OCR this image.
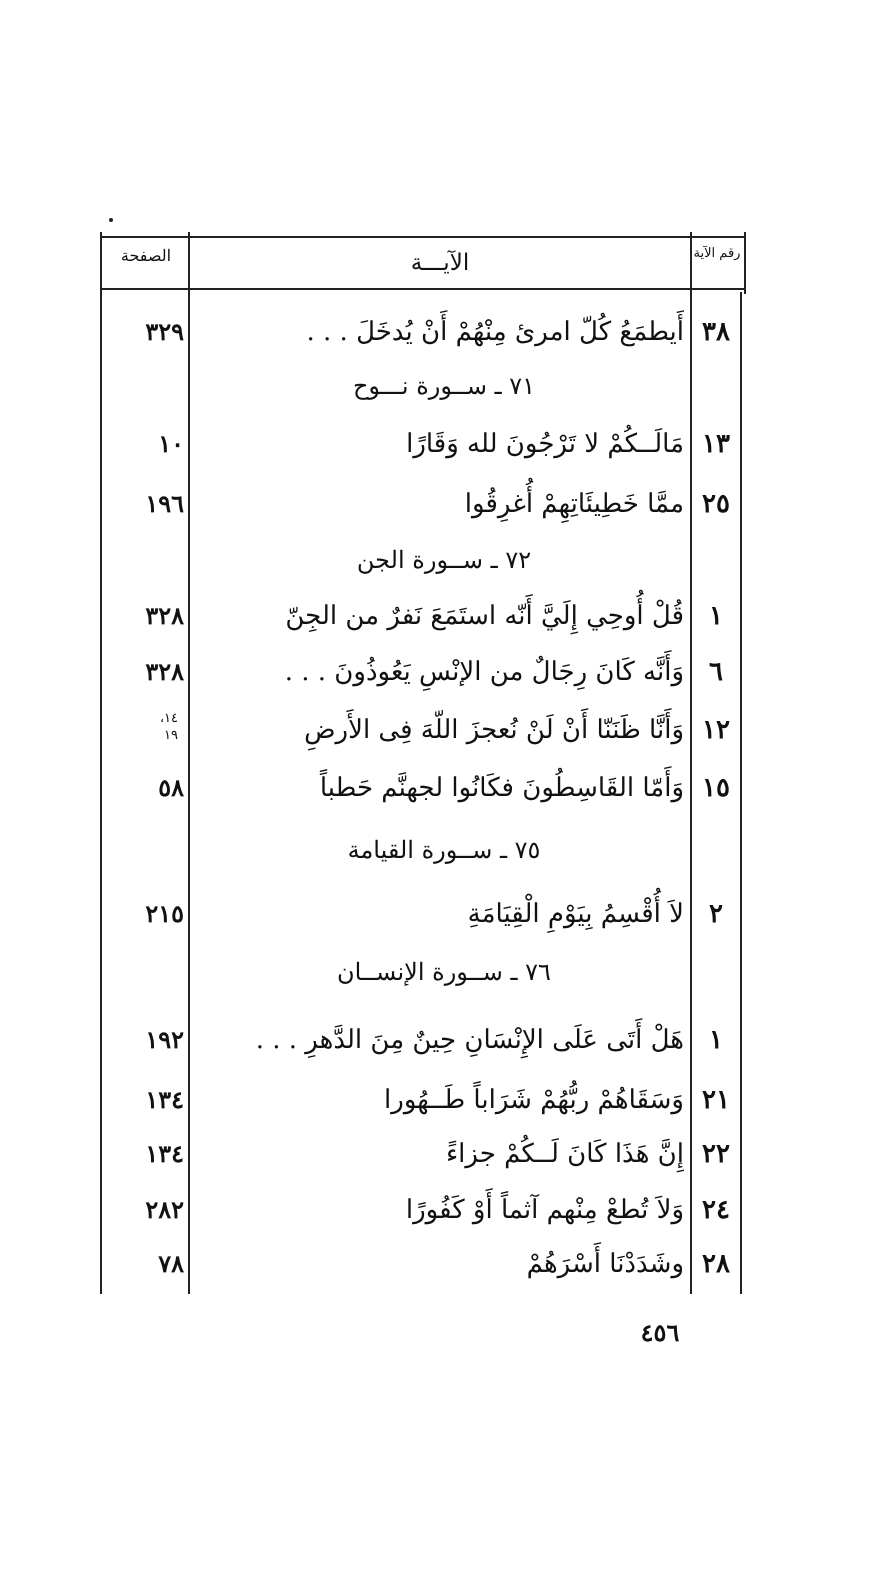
الصفحة	الآيـــة	رقم الآية
٣٨
أَيطمَعُ كُلّ امرئ مِنْهُمْ أَنْ يُدخَلَ . . .
٣٢٩
٧١ ـ ســورة نـــوح
١٣
مَالَــكُمْ لا تَرْجُونَ لله وَقَارًا
١٠
٢٥
ممَّا خَطِيئَاتِهِمْ أُغرِقُوا
١٩٦
٧٢ ـ ســورة الجن
١
قُلْ أُوحِي إِلَيَّ أَنّه استَمَعَ نَفرٌ من الجِنّ
٣٢٨
٦
وَأَنَّه كَانَ رِجَالٌ من الإنْسِ يَعُوذُونَ . . .
٣٢٨
١٢
وَأَنَّا ظَنَنّا أَنْ لَنْ نُعجزَ اللّهَ فِى الأَرضِ
١٤،
١٩
١٥
وَأَمّا القَاسِطُونَ فكَانُوا لجهنَّم حَطباً
٥٨
٧٥ ـ ســورة القيامة
٢
لاَ أُقْسِمُ بِيَوْمِ الْقِيَامَةِ
٢١٥
٧٦ ـ ســورة الإنســان
١
هَلْ أَتَى عَلَى الإِنْسَانِ حِينٌ مِنَ الدَّهرِ . . .
١٩٢
٢١
وَسَقَاهُمْ ربُّهُمْ شَرَاباً طَــهُورا
١٣٤
٢٢
إِنَّ هَذَا كَانَ لَــكُمْ جزاءً
١٣٤
٢٤
وَلاَ تُطعْ مِنْهم آثماً أَوْ كَفُورًا
٢٨٢
٢٨
وشَدَدْنَا أَسْرَهُمْ
٧٨
٤٥٦
